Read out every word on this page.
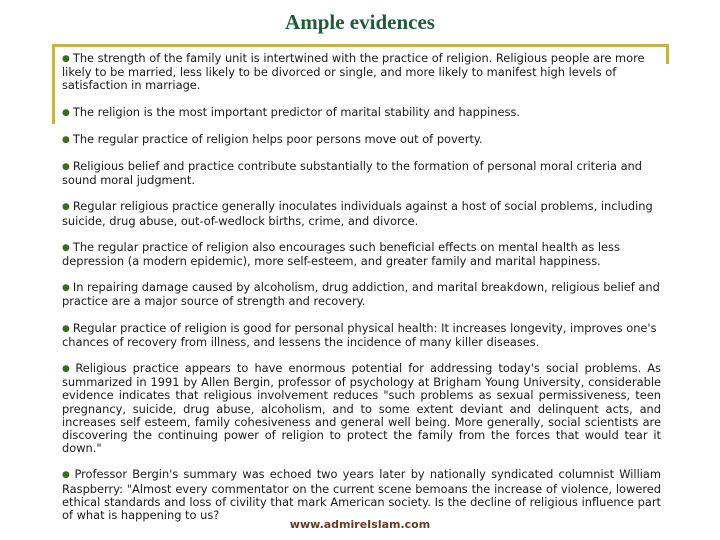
Ample evidences
● The strength of the family unit is intertwined with the practice of religion. Religious people are more likely to be married, less likely to be divorced or single, and more likely to manifest high levels of satisfaction in marriage.
● The religion is the most important predictor of marital stability and happiness.
● The regular practice of religion helps poor persons move out of poverty.
● Religious belief and practice contribute substantially to the formation of personal moral criteria and sound moral judgment.
● Regular religious practice generally inoculates individuals against a host of social problems, including suicide, drug abuse, out-of-wedlock births, crime, and divorce.
● The regular practice of religion also encourages such beneficial effects on mental health as less depression (a modern epidemic), more self-esteem, and greater family and marital happiness.
● In repairing damage caused by alcoholism, drug addiction, and marital breakdown, religious belief and practice are a major source of strength and recovery.
● Regular practice of religion is good for personal physical health: It increases longevity, improves one's chances of recovery from illness, and lessens the incidence of many killer diseases.
● Religious practice appears to have enormous potential for addressing today's social problems. As summarized in 1991 by Allen Bergin, professor of psychology at Brigham Young University, considerable evidence indicates that religious involvement reduces "such problems as sexual permissiveness, teen pregnancy, suicide, drug abuse, alcoholism, and to some extent deviant and delinquent acts, and increases self esteem, family cohesiveness and general well being. More generally, social scientists are discovering the continuing power of religion to protect the family from the forces that would tear it down."
● Professor Bergin's summary was echoed two years later by nationally syndicated columnist William Raspberry: "Almost every commentator on the current scene bemoans the increase of violence, lowered ethical standards and loss of civility that mark American society. Is the decline of religious influence part of what is happening to us?
www.admireIslam.com
